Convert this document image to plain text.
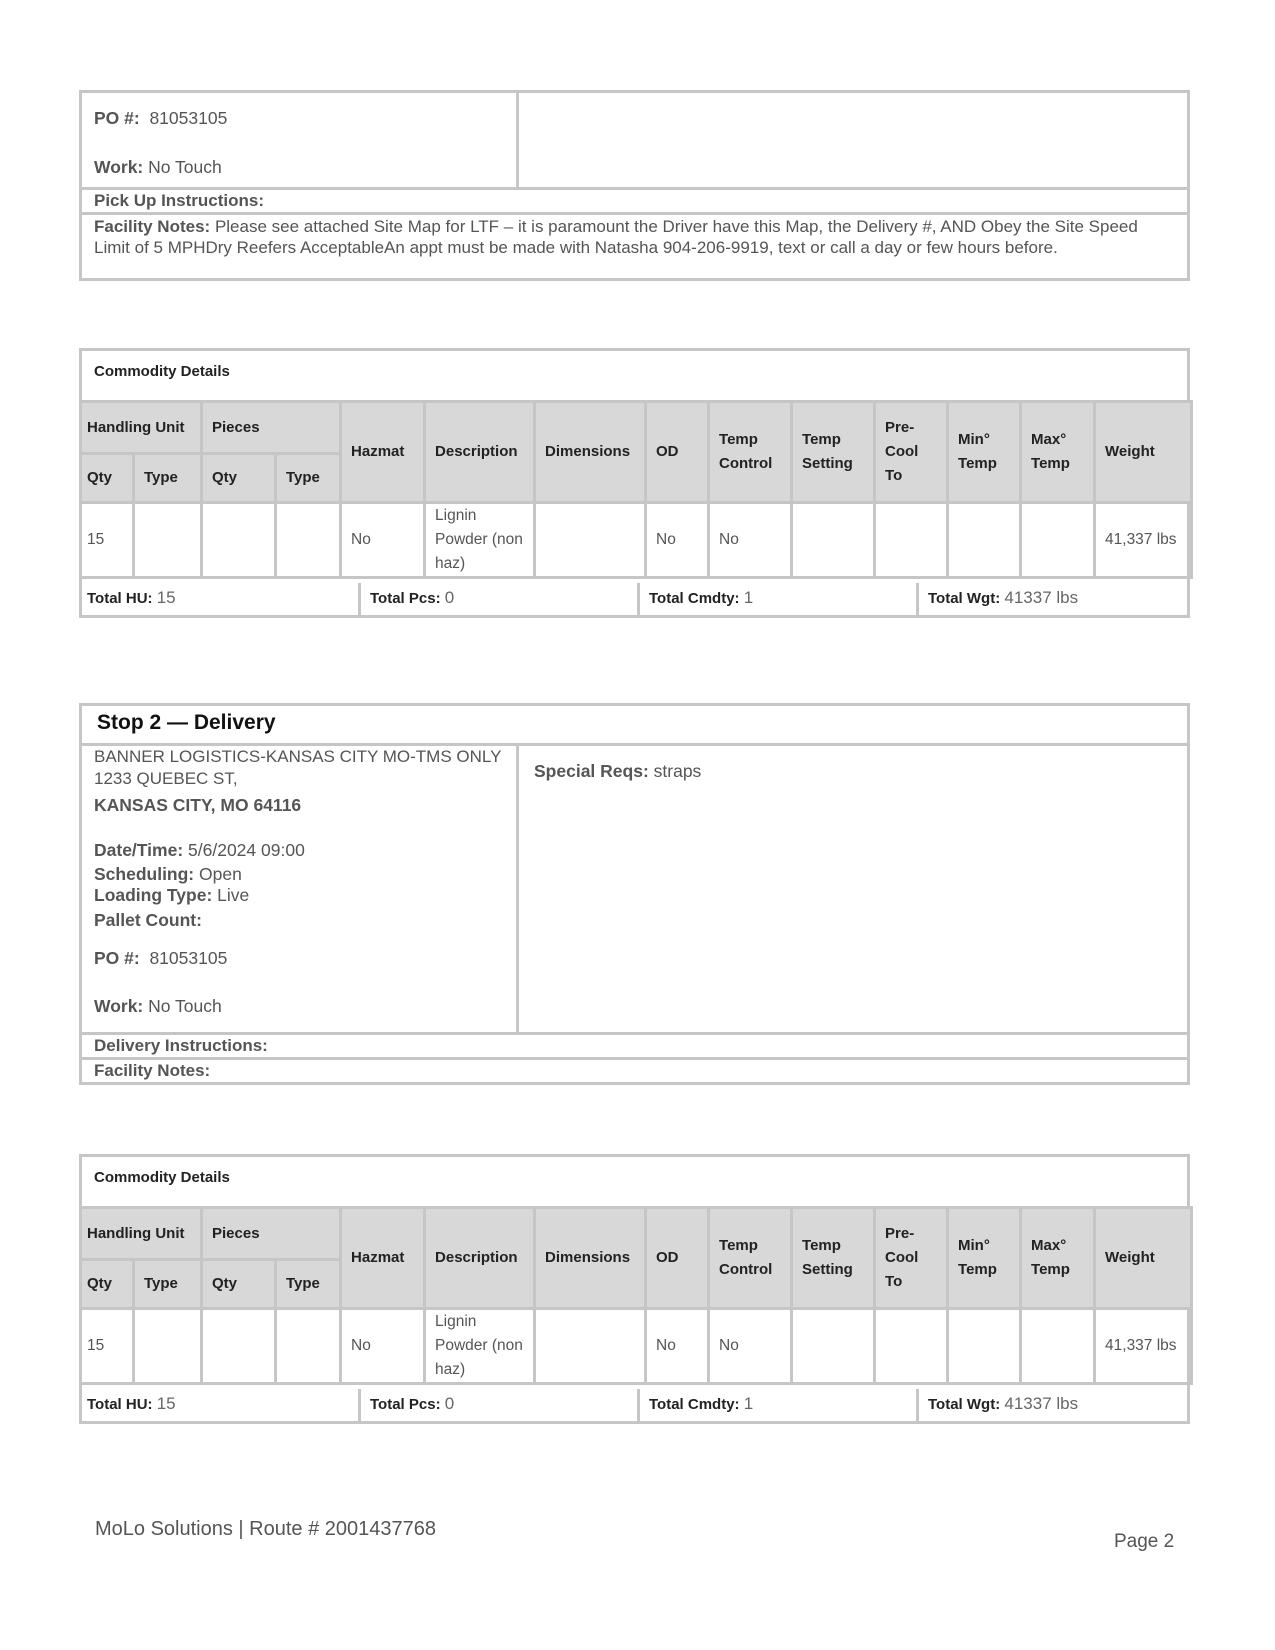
PO #: 81053105
Work: No Touch
Pick Up Instructions:
Facility Notes: Please see attached Site Map for LTF – it is paramount the Driver have this Map, the Delivery #, AND Obey the Site Speed Limit of 5 MPHDry Reefers AcceptableAn appt must be made with Natasha 904-206-9919, text or call a day or few hours before.
Commodity Details
Handling Unit		Pieces		Hazmat	Description	Dimensions	OD	Temp Control	Temp Setting	Pre-Cool To	Min° Temp	Max° Temp	Weight
Qty	Type	Qty	Type										
15				No	Lignin Powder (non haz)		No	No					41,337 lbs
Total HU: 15	Total Pcs: 0	Total Cmdty: 1	Total Wgt: 41337 lbs
Stop 2 — Delivery
BANNER LOGISTICS-KANSAS CITY MO-TMS ONLY
1233 QUEBEC ST,
KANSAS CITY, MO 64116
Date/Time: 5/6/2024 09:00
Scheduling: Open
Loading Type: Live
Pallet Count:
PO #: 81053105
Work: No Touch
Special Reqs: straps
Delivery Instructions:
Facility Notes:
Commodity Details
Handling Unit		Pieces		Hazmat	Description	Dimensions	OD	Temp Control	Temp Setting	Pre-Cool To	Min° Temp	Max° Temp	Weight
Qty	Type	Qty	Type										
15				No	Lignin Powder (non haz)		No	No					41,337 lbs
Total HU: 15	Total Pcs: 0	Total Cmdty: 1	Total Wgt: 41337 lbs
MoLo Solutions | Route # 2001437768
Page 2
